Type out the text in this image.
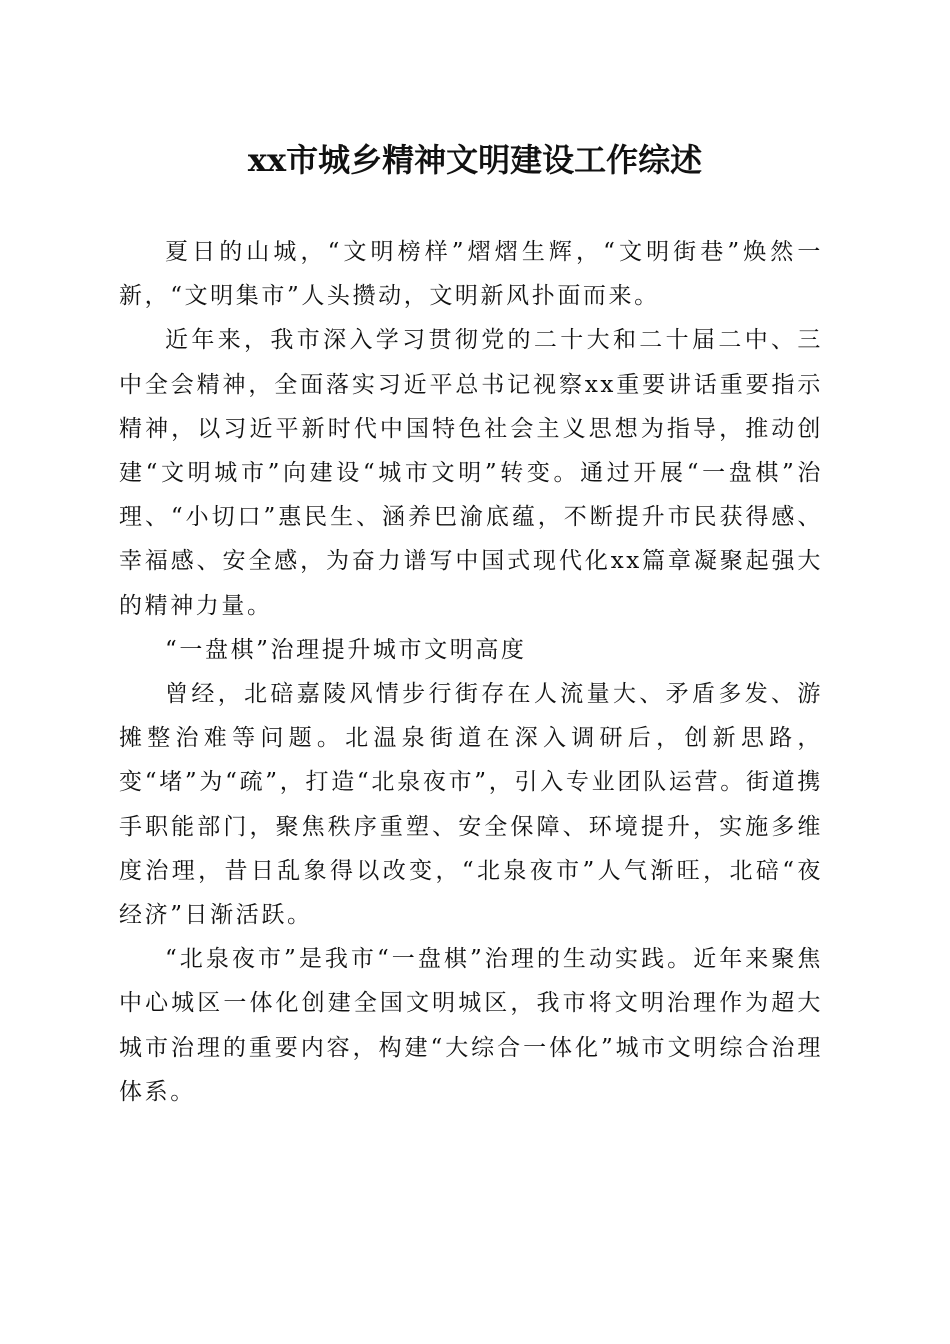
xx市城乡精神文明建设工作综述

夏日的山城，“文明榜样”熠熠生辉，“文明街巷”焕然一新，“文明集市”人头攒动，文明新风扑面而来。

近年来，我市深入学习贯彻党的二十大和二十届二中、三中全会精神，全面落实习近平总书记视察xx重要讲话重要指示精神，以习近平新时代中国特色社会主义思想为指导，推动创建“文明城市”向建设“城市文明”转变。通过开展“一盘棋”治理、“小切口”惠民生、涵养巴渝底蕴，不断提升市民获得感、幸福感、安全感，为奋力谱写中国式现代化xx篇章凝聚起强大的精神力量。

“一盘棋”治理提升城市文明高度

曾经，北碚嘉陵风情步行街存在人流量大、矛盾多发、游摊整治难等问题。北温泉街道在深入调研后，创新思路，变“堵”为“疏”，打造“北泉夜市”，引入专业团队运营。街道携手职能部门，聚焦秩序重塑、安全保障、环境提升，实施多维度治理，昔日乱象得以改变，“北泉夜市”人气渐旺，北碚“夜经济”日渐活跃。

“北泉夜市”是我市“一盘棋”治理的生动实践。近年来聚焦中心城区一体化创建全国文明城区，我市将文明治理作为超大城市治理的重要内容，构建“大综合一体化”城市文明综合治理体系。
